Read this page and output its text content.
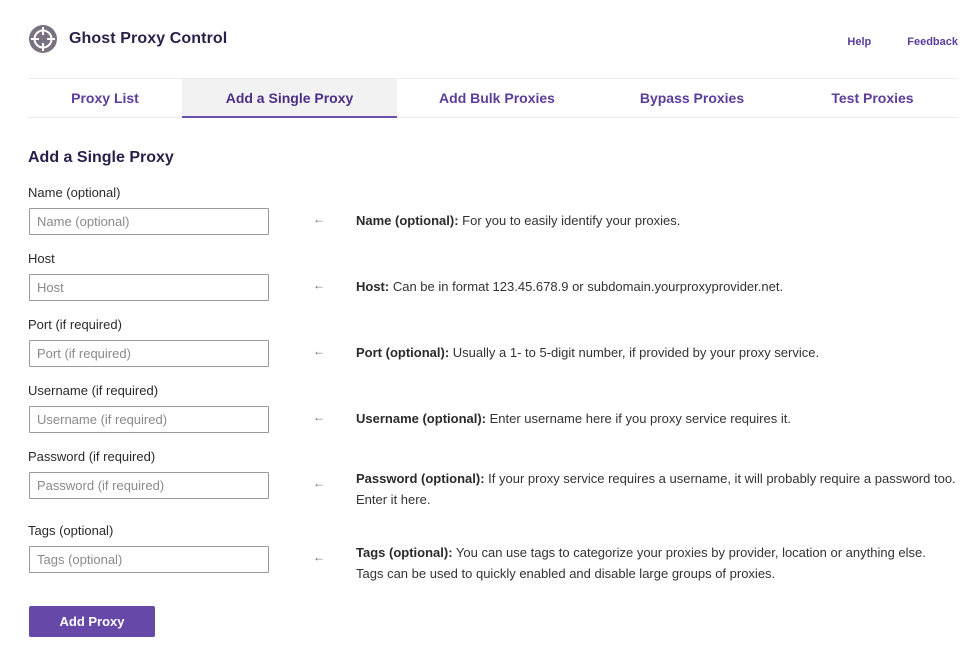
Ghost Proxy Control	Help	Feedback
Proxy List	Add a Single Proxy	Add Bulk Proxies	Bypass Proxies	Test Proxies
Add a Single Proxy
Name (optional)
Name (optional)
← Name (optional): For you to easily identify your proxies.
Host
Host
← Host: Can be in format 123.45.678.9 or subdomain.yourproxyprovider.net.
Port (if required)
Port (if required)
← Port (optional): Usually a 1- to 5-digit number, if provided by your proxy service.
Username (if required)
Username (if required)
← Username (optional): Enter username here if you proxy service requires it.
Password (if required)
Password (if required)
← Password (optional): If your proxy service requires a username, it will probably require a password too. Enter it here.
Tags (optional)
Tags (optional)
← Tags (optional): You can use tags to categorize your proxies by provider, location or anything else. Tags can be used to quickly enabled and disable large groups of proxies.
Add Proxy
